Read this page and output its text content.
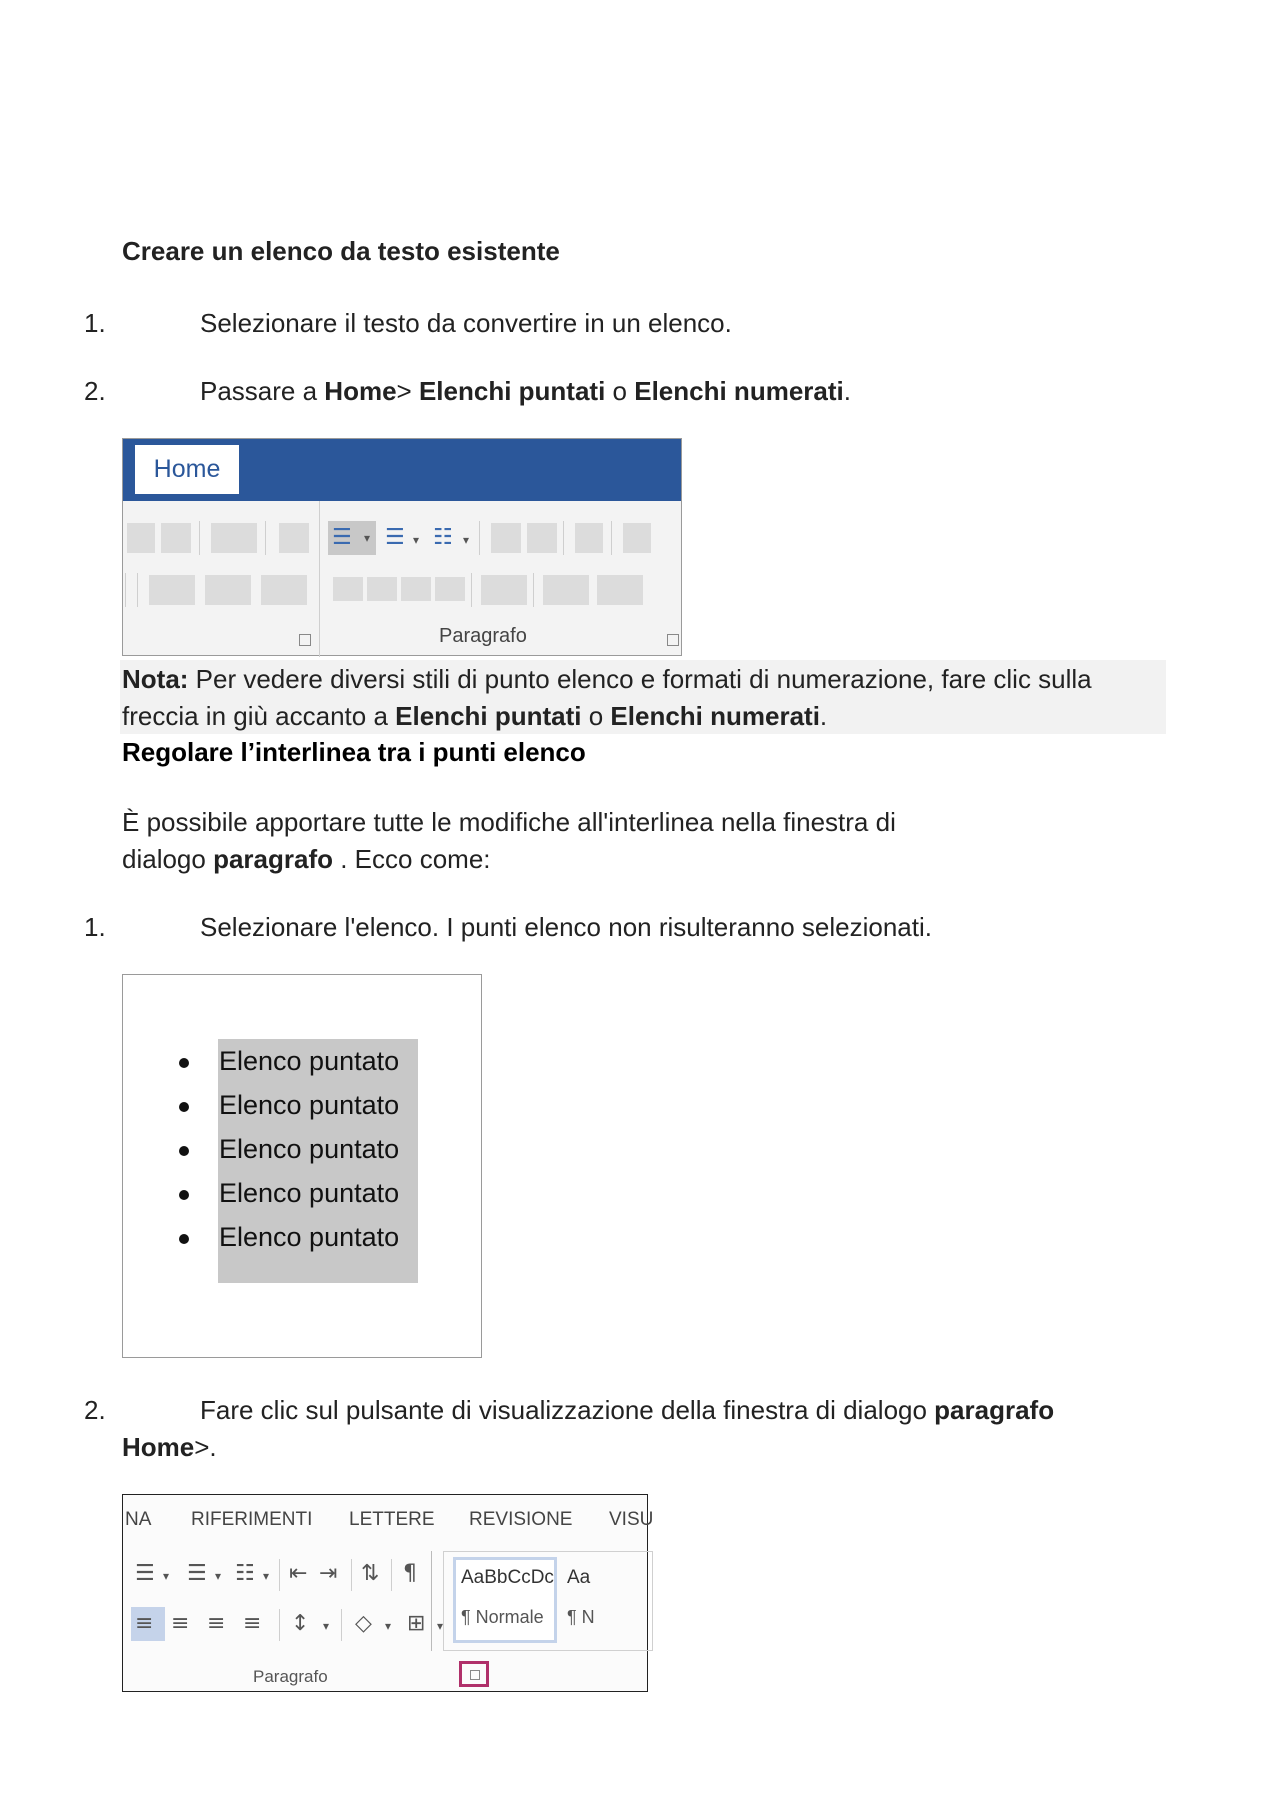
Creare un elenco da testo esistente
1.	Selezionare il testo da convertire in un elenco.
2.	Passare a Home> Elenchi puntati o Elenchi numerati.
Home
☰ ▾ ☰ ▾ ☷ ▾
Paragrafo
Nota: Per vedere diversi stili di punto elenco e formati di numerazione, fare clic sulla
freccia in giù accanto a Elenchi puntati o Elenchi numerati.
Regolare l’interlinea tra i punti elenco
È possibile apportare tutte le modifiche all'interlinea nella finestra di
dialogo paragrafo . Ecco come:
1.	Selezionare l'elenco. I punti elenco non risulteranno selezionati.
Elenco puntato
Elenco puntato
Elenco puntato
Elenco puntato
Elenco puntato
2.	Fare clic sul pulsante di visualizzazione della finestra di dialogo paragrafo
Home>.
NA RIFERIMENTI LETTERE REVISIONE VISU
☰ ▾ ☰ ▾ ☷ ▾ ⇤ ⇥ ⇅ ¶
≡ ≡ ≡ ≡ ↕ ▾ ◇ ▾ ⊞ ▾
AaBbCcDc
¶ Normale
Aa
¶ N
Paragrafo
